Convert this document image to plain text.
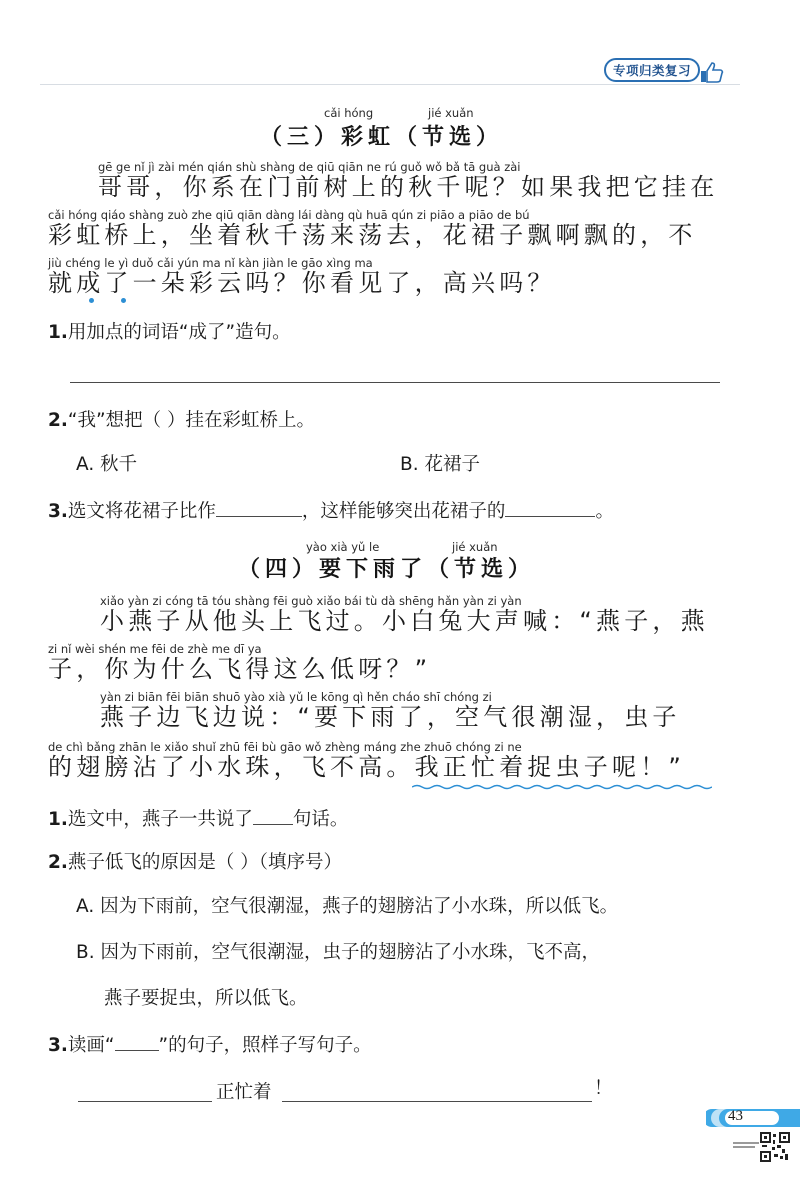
专项归类复习
cǎi hóng	jié xuǎn
（三）彩虹（节选）
gē ge nǐ jì zài mén qián shù shàng de qiū qiān ne rú guǒ wǒ bǎ tā guà zài
哥哥，你系在门前树上的秋千呢？如果我把它挂在
cǎi hóng qiáo shàng zuò zhe qiū qiān dàng lái dàng qù huā qún zi piāo a piāo de bú
彩虹桥上，坐着秋千荡来荡去，花裙子飘啊飘的，不
jiù chéng le yì duǒ cǎi yún ma nǐ kàn jiàn le gāo xìng ma
就成了一朵彩云吗？你看见了，高兴吗？
1.用加点的词语“成了”造句。
2.“我”想把（ ）挂在彩虹桥上。
A. 秋千	B. 花裙子
3.选文将花裙子比作	，这样能够突出花裙子的	。
yào xià yǔ le	jié xuǎn
（四）要下雨了（节选）
xiǎo yàn zi cóng tā tóu shàng fēi guò xiǎo bái tù dà shēng hǎn yàn zi yàn
小燕子从他头上飞过。小白兔大声喊：“燕子，燕
zi nǐ wèi shén me fēi de zhè me dī ya
子，你为什么飞得这么低呀？”
yàn zi biān fēi biān shuō yào xià yǔ le kōng qì hěn cháo shī chóng zi
燕子边飞边说：“要下雨了，空气很潮湿，虫子
de chì bǎng zhān le xiǎo shuǐ zhū fēi bù gāo wǒ zhèng máng zhe zhuō chóng zi ne
的翅膀沾了小水珠，飞不高。我正忙着捉虫子呢！”
1.选文中，燕子一共说了 句话。
2.燕子低飞的原因是（ ）（填序号）
A. 因为下雨前，空气很潮湿，燕子的翅膀沾了小水珠，所以低飞。
B. 因为下雨前，空气很潮湿，虫子的翅膀沾了小水珠，飞不高，
燕子要捉虫，所以低飞。
3.读画“ ”的句子，照样子写句子。
正忙着	！
43
